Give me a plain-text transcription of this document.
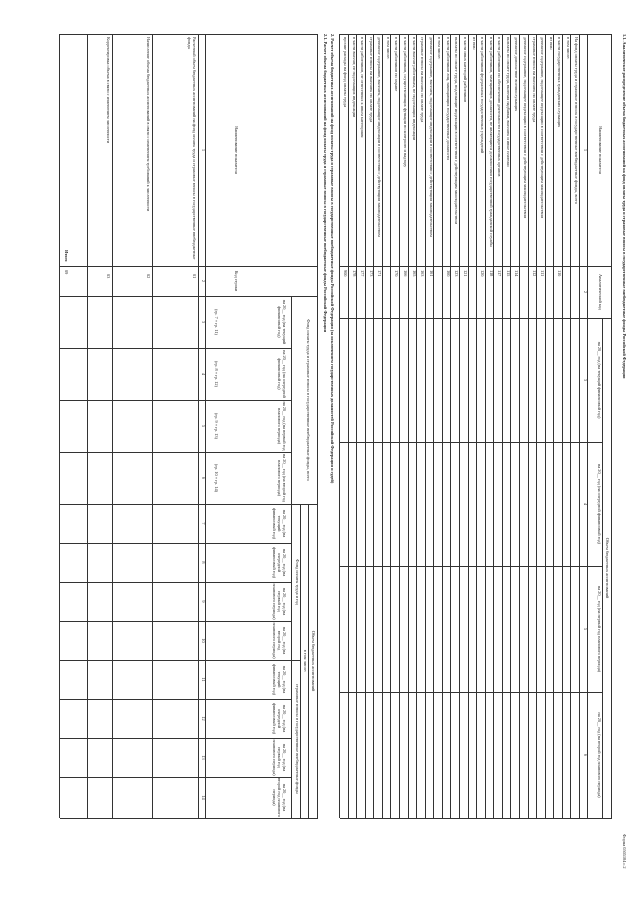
1.1. Аналитическое распределение объема бюджетных ассигнований на фонд оплаты труда и страховые взносы в государственные внебюджетные фонды Российской Федерации
Форма 0505184 с.2
Наименование показателя
Аналитический код
Объем бюджетных ассигнований
на 20__ год (на текущий финансовый год)
на 20__ год (на очередной финансовый год)
на 20__ год (на первый год планового периода)
на 20__ год (на второй год планового периода)
1
2
3
4
5
6
На фонд оплаты труда и страховые взносы в государственные внебюджетные фонды, всего
в том числе:
в части государственных гражданских служащих
110
из них:
денежное содержание, подлежащее индексации в соответствии с действующим законодательством
111
страховые взносы на выплаты по оплате труда
112
денежное содержание, подлежащее индексации в соответствии с действующим законодательством
денежное довольствие военнослужащих
114
выплаты по оплате труда, включая надбавки, выплаты и иные платежи
115
в части работников по обеспечению деятельности государственных органов
117
в части работников, замещающих должности, не являющиеся должностями государственной гражданской службы
118
в части работников федеральных государственных учреждений
120
из них:
в части иных категорий работников
121
выплаты по оплате труда, подлежащие индексации в соответствии с действующим законодательством
123
в части работников лиц, замещающих государственные должности
160
в том числе:
денежное содержание, выплаты, подлежащие индексации в соответствии с действующим законодательством
161
страховые взносы на выплаты по оплате труда
163
в части выплат работникам, не подлежащих индексации
165
в части работников, осуществляющих функции по контролю и надзору
166
в части работников по охране
170
в том числе:
денежное содержание, выплаты, подлежащие индексации в соответствии с действующим законодательством
171
страховые взносы на выплаты по оплате труда
173
в части работников, не отнесенных к иным категориям
177
в части выплат, не подлежащих индексации
178
прочие расходы на фонд оплаты труда
900
2. Расчет объема бюджетных ассигнований на фонд оплаты труда и страховые взносы в государственные внебюджетные фонды Российской Федерации (за исключением государственных должностей Российской Федерации и судей)
2.1. Расчет объема бюджетных ассигнований на фонд оплаты труда и страховые взносы в государственные внебюджетные фонды Российской Федерации
Наименование показателя
Код строки
Фонд оплаты труда и страховые взносы в государственные внебюджетные фонды, всего
Объем бюджетных ассигнований
в том числе:
Фонд оплаты труда и год
страховые взносы в государственные внебюджетные фонды
09
Итого
на 20__ год (на текущий финансовый год)
(гр. 7 + гр. 11)
на 20__ год (на очередной финансовый год)
(гр. 8 + гр. 12)
на 20__ год (на первый год планового периода)
(гр. 9 + гр. 13)
на 20__ год (на второй год планового периода)
(гр. 10 + гр. 14)
на 20__ год (на текущий финансовый год)
на 20__ год (на очередной финансовый год)
на 20__ год (на первый год планового периода)
на 20__ год (на второй год планового периода)
на 20__ год (на текущий финансовый год)
на 20__ год (на очередной финансовый год)
на 20__ год (на первый год планового периода)
на 20__ год (на второй год планового периода)
1
2
3
4
5
6
7
8
9
10
11
12
13
14
Расчетный объем бюджетных ассигнований на фонд оплаты труда и страховые взносы в государственные внебюджетные фонды
01
Начисление объема бюджетных ассигнований в связи с изменением требований к численности
02
Корректировка объема в связи с изменением численности
03
